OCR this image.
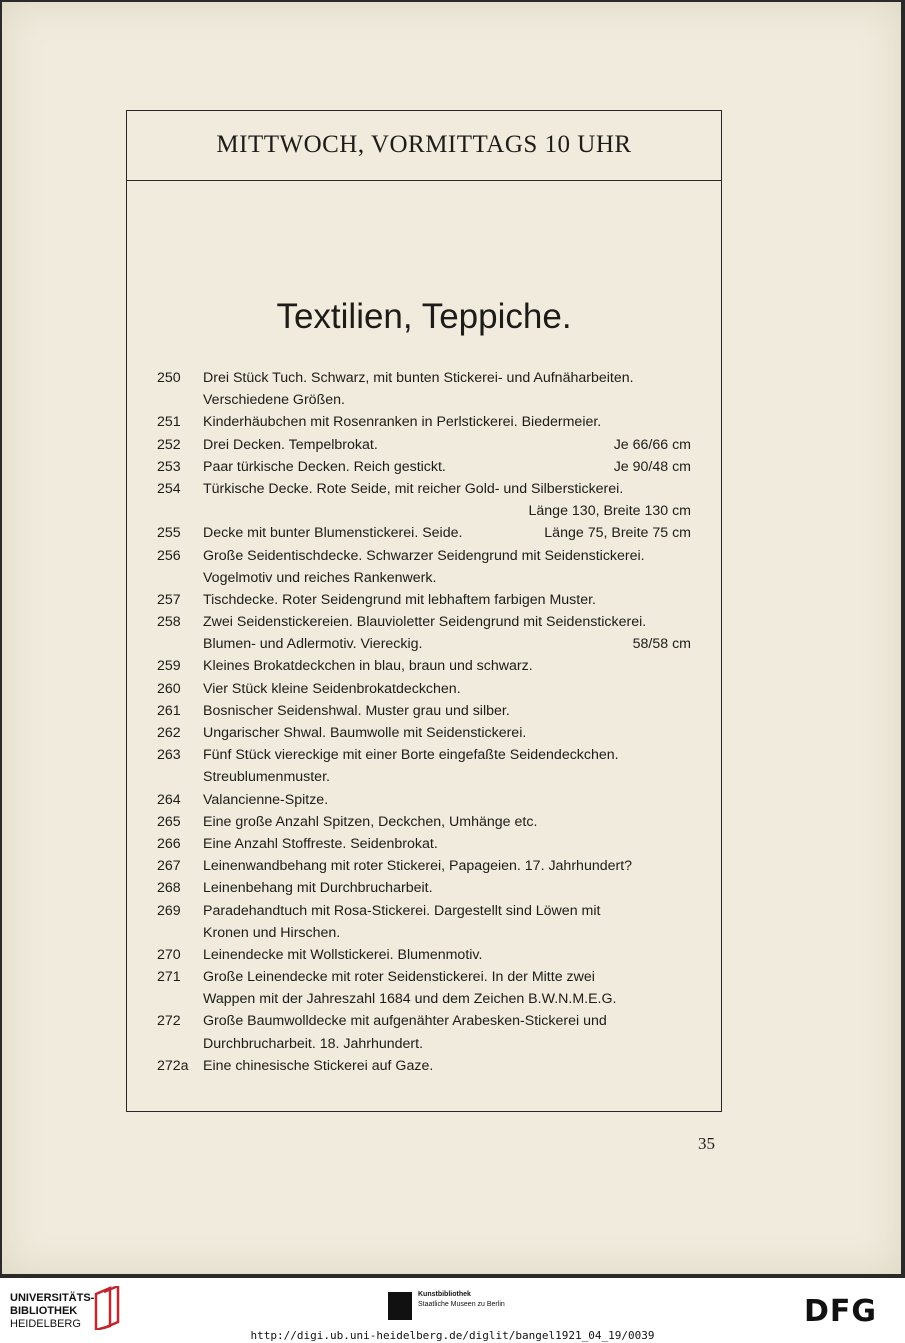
MITTWOCH, VORMITTAGS 10 UHR
Textilien, Teppiche.
250	Drei Stück Tuch. Schwarz, mit bunten Stickerei- und Aufnäharbeiten.
Verschiedene Größen.
251	Kinderhäubchen mit Rosenranken in Perlstickerei. Biedermeier.
252	Drei Decken. Tempelbrokat.	Je 66/66 cm
253	Paar türkische Decken. Reich gestickt.	Je 90/48 cm
254	Türkische Decke. Rote Seide, mit reicher Gold- und Silberstickerei.
Länge 130, Breite 130 cm
255	Decke mit bunter Blumenstickerei. Seide.	Länge 75, Breite 75 cm
256	Große Seidentischdecke. Schwarzer Seidengrund mit Seidenstickerei.
Vogelmotiv und reiches Rankenwerk.
257	Tischdecke. Roter Seidengrund mit lebhaftem farbigen Muster.
258	Zwei Seidenstickereien. Blauvioletter Seidengrund mit Seidenstickerei.
Blumen- und Adlermotiv. Viereckig.	58/58 cm
259	Kleines Brokatdeckchen in blau, braun und schwarz.
260	Vier Stück kleine Seidenbrokatdeckchen.
261	Bosnischer Seidenshwal. Muster grau und silber.
262	Ungarischer Shwal. Baumwolle mit Seidenstickerei.
263	Fünf Stück viereckige mit einer Borte eingefaßte Seidendeckchen.
Streublumenmuster.
264	Valancienne-Spitze.
265	Eine große Anzahl Spitzen, Deckchen, Umhänge etc.
266	Eine Anzahl Stoffreste. Seidenbrokat.
267	Leinenwandbehang mit roter Stickerei, Papageien. 17. Jahrhundert?
268	Leinenbehang mit Durchbrucharbeit.
269	Paradehandtuch mit Rosa-Stickerei. Dargestellt sind Löwen mit
Kronen und Hirschen.
270	Leinendecke mit Wollstickerei. Blumenmotiv.
271	Große Leinendecke mit roter Seidenstickerei. In der Mitte zwei
Wappen mit der Jahreszahl 1684 und dem Zeichen B.W.N.M.E.G.
272	Große Baumwolldecke mit aufgenähter Arabesken-Stickerei und
Durchbrucharbeit. 18. Jahrhundert.
272a	Eine chinesische Stickerei auf Gaze.
35
UNIVERSITÄTS-
BIBLIOTHEK
HEIDELBERG
Kunstbibliothek
Staatliche Museen zu Berlin	DFG
http://digi.ub.uni-heidelberg.de/diglit/bangel1921_04_19/0039
